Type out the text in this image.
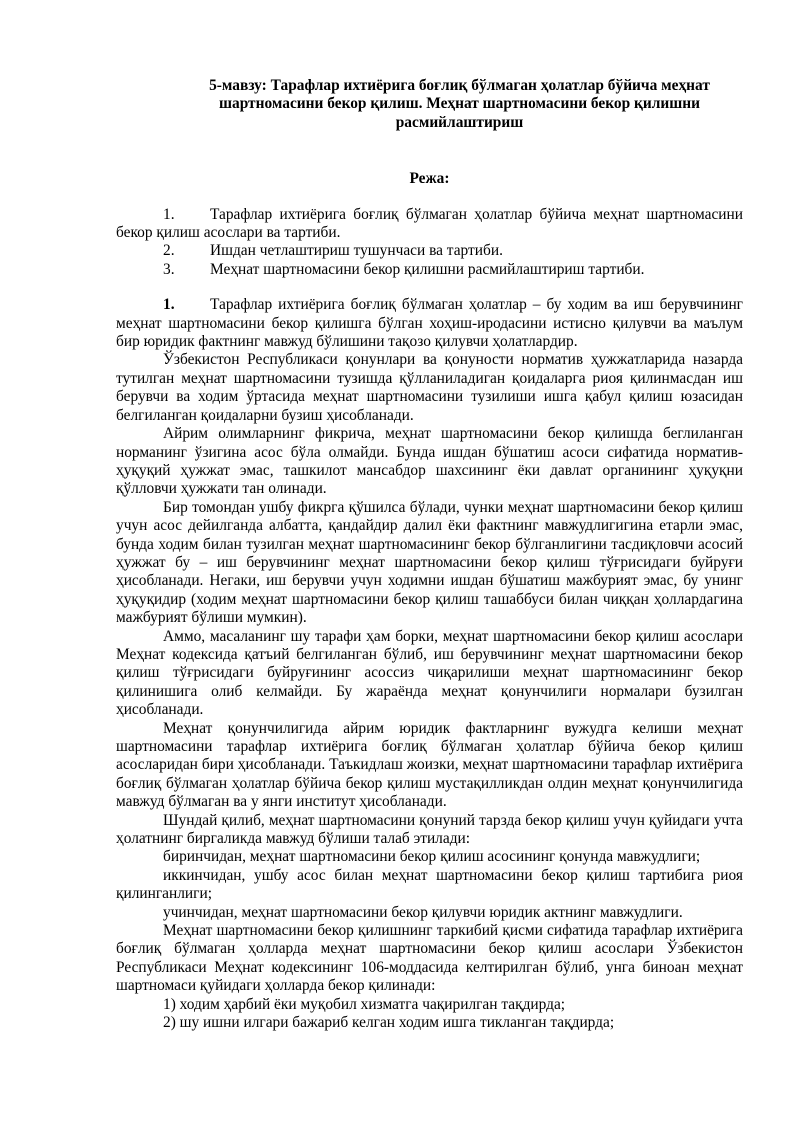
5-мавзу: Тарафлар ихтиёрига боғлиқ бўлмаган ҳолатлар бўйича меҳнат шартномасини бекор қилиш. Меҳнат шартномасини бекор қилишни расмийлаштириш

Режа:

1. Тарафлар ихтиёрига боғлиқ бўлмаган ҳолатлар бўйича меҳнат шартномасини бекор қилиш асослари ва тартиби.

2. Ишдан четлаштириш тушунчаси ва тартиби.

3. Меҳнат шартномасини бекор қилишни расмийлаштириш тартиби.

1. Тарафлар ихтиёрига боғлиқ бўлмаган ҳолатлар – бу ходим ва иш берувчининг меҳнат шартномасини бекор қилишга бўлган хоҳиш-иродасини истисно қилувчи ва маълум бир юридик фактнинг мавжуд бўлишини тақозо қилувчи ҳолатлардир.

Ўзбекистон Республикаси қонунлари ва қонуности норматив ҳужжатларида назарда тутилган меҳнат шартномасини тузишда қўлланиладиган қоидаларга риоя қилинмасдан иш берувчи ва ходим ўртасида меҳнат шартномасини тузилиши ишга қабул қилиш юзасидан белгиланган қоидаларни бузиш ҳисобланади.

Айрим олимларнинг фикрича, меҳнат шартномасини бекор қилишда беглиланган норманинг ўзигина асос бўла олмайди. Бунда ишдан бўшатиш асоси сифатида норматив-ҳуқуқий ҳужжат эмас, ташкилот мансабдор шахсининг ёки давлат органининг ҳуқуқни қўлловчи ҳужжати тан олинади.

Бир томондан ушбу фикрга қўшилса бўлади, чунки меҳнат шартномасини бекор қилиш учун асос дейилганда албатта, қандайдир далил ёки фактнинг мавжудлигигина етарли эмас, бунда ходим билан тузилган меҳнат шартномасининг бекор бўлганлигини тасдиқловчи асосий ҳужжат бу – иш берувчининг меҳнат шартномасини бекор қилиш тўғрисидаги буйруғи ҳисобланади. Негаки, иш берувчи учун ходимни ишдан бўшатиш мажбурият эмас, бу унинг ҳуқуқидир (ходим меҳнат шартномасини бекор қилиш ташаббуси билан чиққан ҳоллардагина мажбурият бўлиши мумкин).

Аммо, масаланинг шу тарафи ҳам борки, меҳнат шартномасини бекор қилиш асослари Меҳнат кодексида қатъий белгиланган бўлиб, иш берувчининг меҳнат шартномасини бекор қилиш тўғрисидаги буйруғининг асоссиз чиқарилиши меҳнат шартномасининг бекор қилинишига олиб келмайди. Бу жараёнда меҳнат қонунчилиги нормалари бузилган ҳисобланади.

Меҳнат қонунчилигида айрим юридик фактларнинг вужудга келиши меҳнат шартномасини тарафлар ихтиёрига боғлиқ бўлмаган ҳолатлар бўйича бекор қилиш асосларидан бири ҳисобланади. Таъкидлаш жоизки, меҳнат шартномасини тарафлар ихтиёрига боғлиқ бўлмаган ҳолатлар бўйича бекор қилиш мустақилликдан олдин меҳнат қонунчилигида мавжуд бўлмаган ва у янги институт ҳисобланади.

Шундай қилиб, меҳнат шартномасини қонуний тарзда бекор қилиш учун қуйидаги учта ҳолатнинг биргаликда мавжуд бўлиши талаб этилади:

биринчидан, меҳнат шартномасини бекор қилиш асосининг қонунда мавжудлиги;

иккинчидан, ушбу асос билан меҳнат шартномасини бекор қилиш тартибига риоя қилинганлиги;

учинчидан, меҳнат шартномасини бекор қилувчи юридик актнинг мавжудлиги.

Меҳнат шартномасини бекор қилишнинг таркибий қисми сифатида тарафлар ихтиёрига боғлиқ бўлмаган ҳолларда меҳнат шартномасини бекор қилиш асослари Ўзбекистон Республикаси Меҳнат кодексининг 106-моддасида келтирилган бўлиб, унга биноан меҳнат шартномаси қуйидаги ҳолларда бекор қилинади:

1) ходим ҳарбий ёки муқобил хизматга чақирилган тақдирда;

2) шу ишни илгари бажариб келган ходим ишга тикланган тақдирда;
